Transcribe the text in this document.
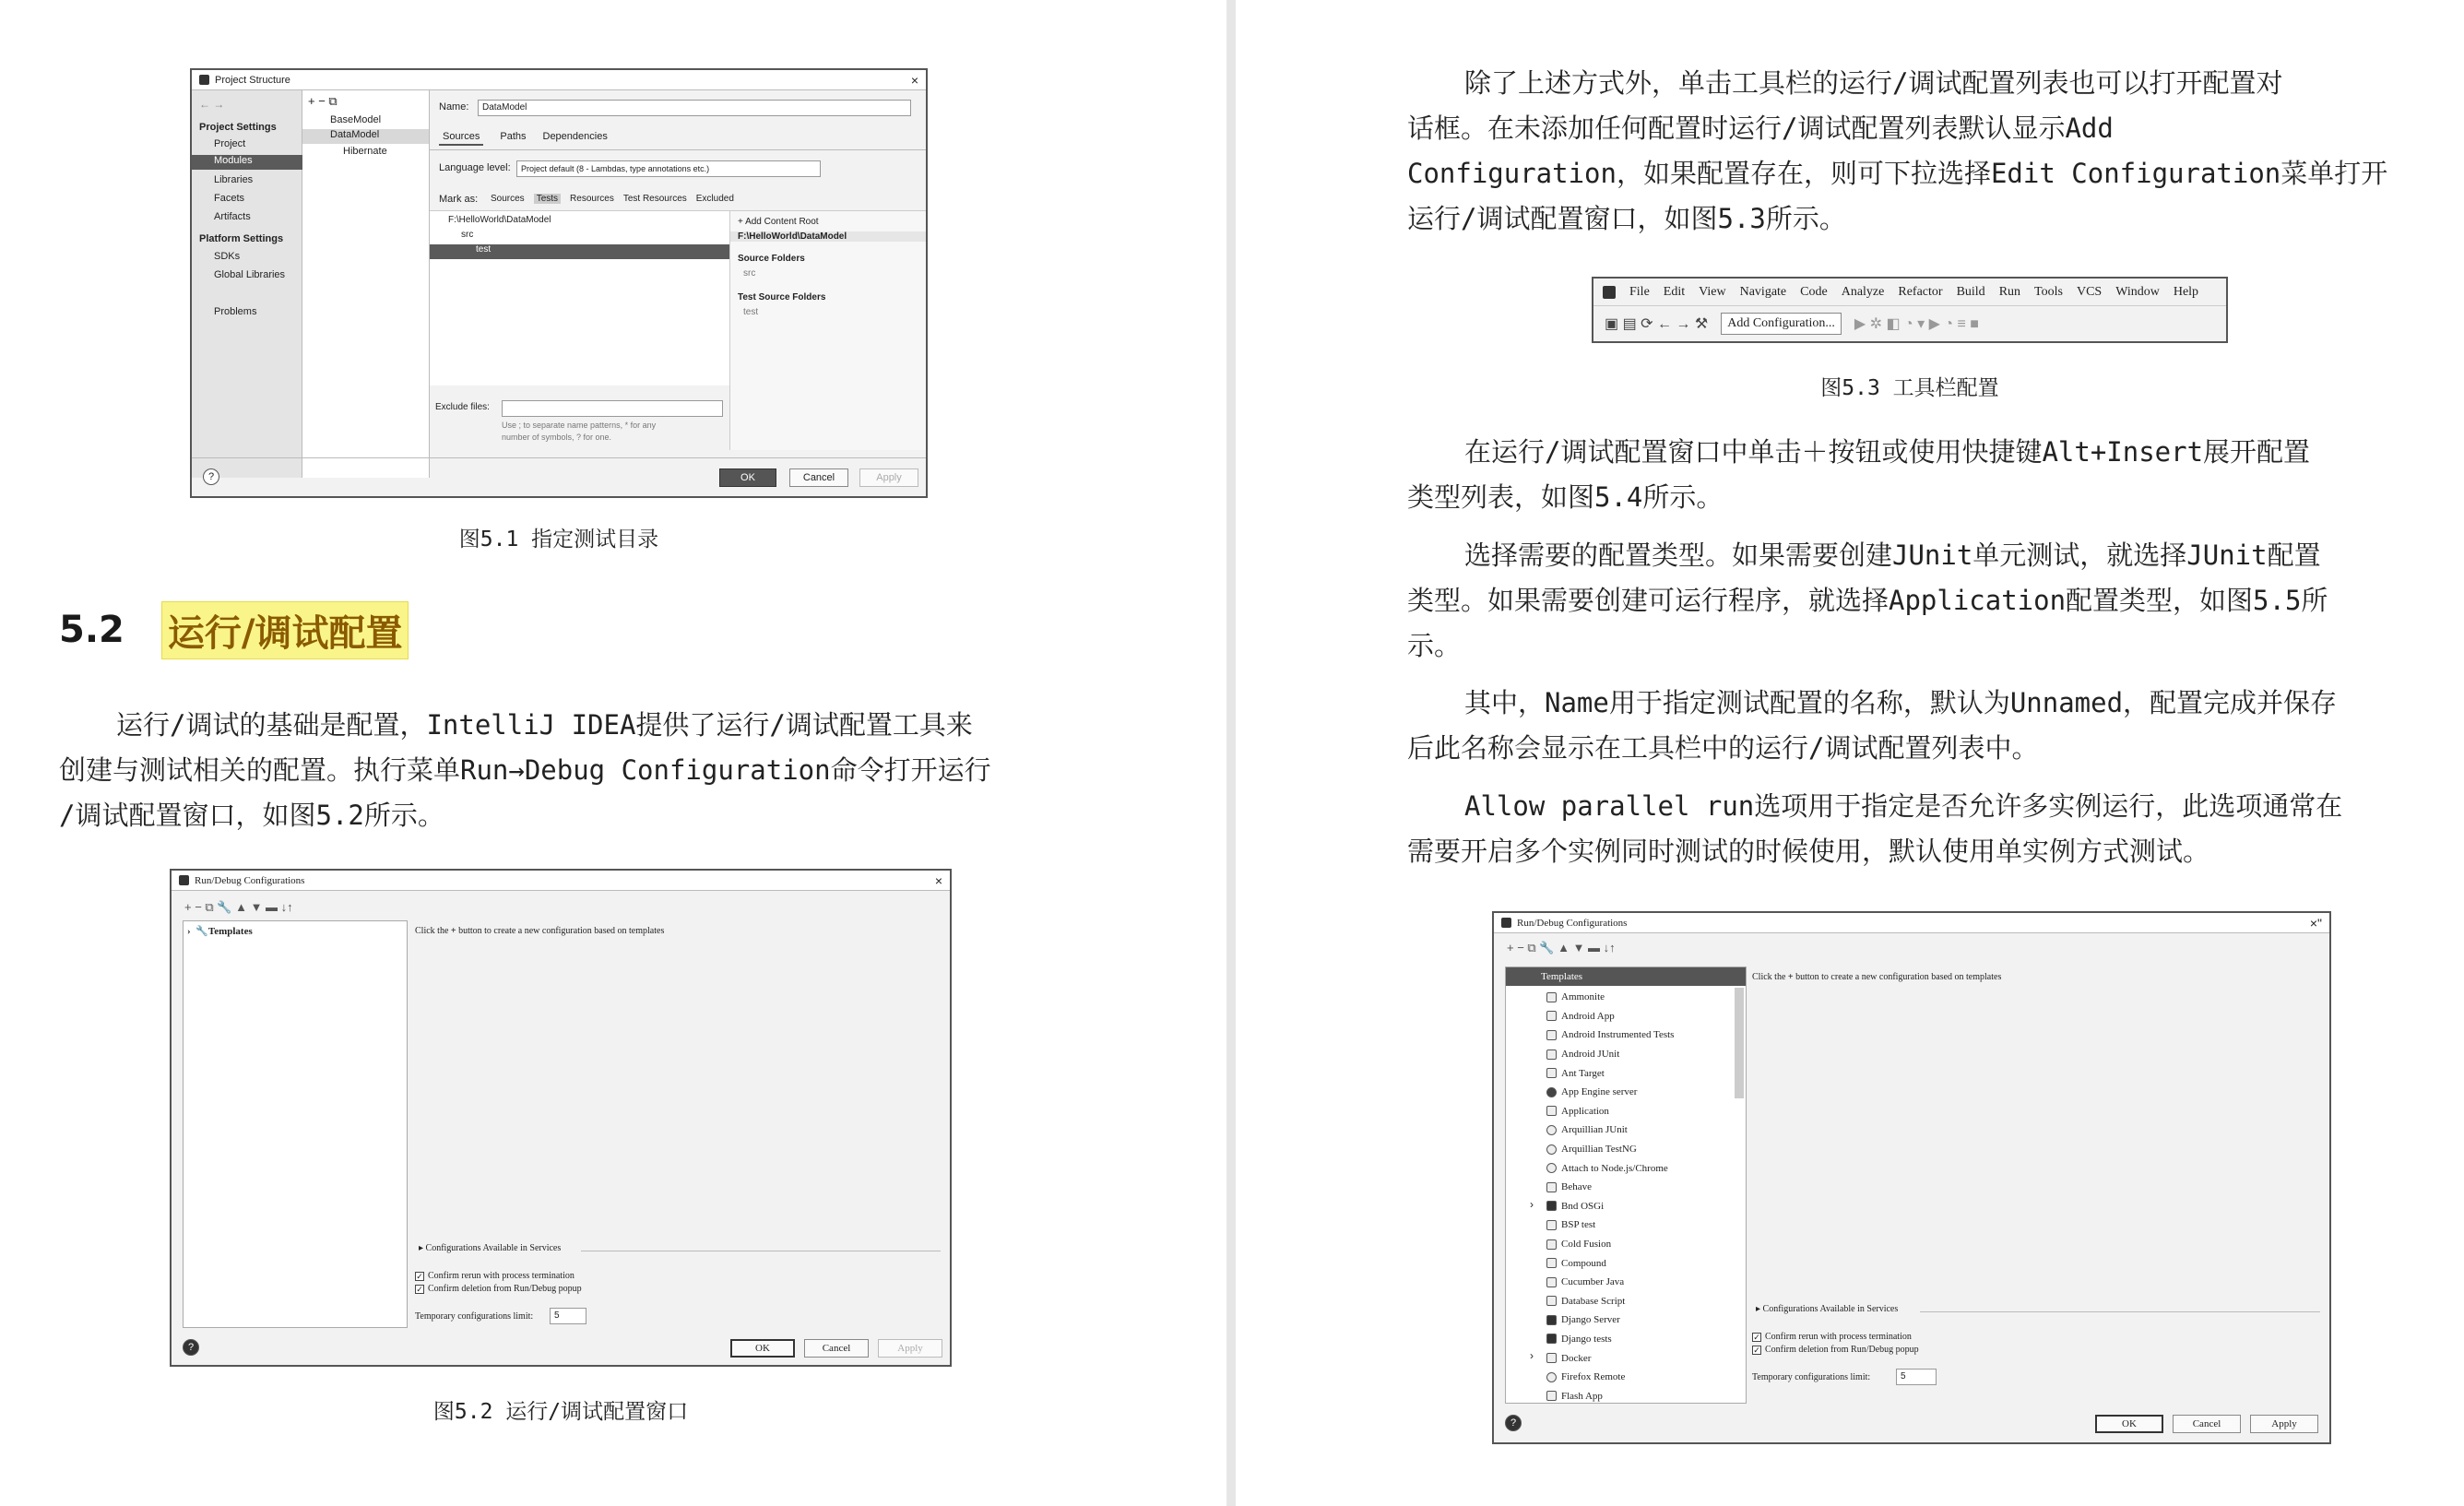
Project Structure	×
← →
Project Settings
Project
Modules
Libraries
Facets
Artifacts
Platform Settings
SDKs
Global Libraries
Problems
+ − ⧉
BaseModel
DataModel
Hibernate
Name:	DataModel
Sources	Paths Dependencies
Language level:	Project default (8 - Lambdas, type annotations etc.)
Mark as: Sources	Tests	Resources Test Resources Excluded
F:\HelloWorld\DataModel
src
test
+ Add Content Root
F:\HelloWorld\DataModel
Source Folders
src
Test Source Folders
test
Exclude files:
Use ; to separate name patterns, * for any
number of symbols, ? for one.
?	OK	Cancel	Apply
图5.1 指定测试目录
5.2 运行/调试配置
运行/调试的基础是配置，IntelliJ IDEA提供了运行/调试配置工具来
创建与测试相关的配置。执行菜单Run→Debug Configuration命令打开运行
/调试配置窗口，如图5.2所示。
Run/Debug Configurations	×
+ − ⧉ 🔧 ▲ ▼ ▬ ↓↑
›  🔧Templates	Click the + button to create a new configuration based on templates
▸ Configurations Available in Services
✓ Confirm rerun with process termination
✓ Confirm deletion from Run/Debug popup
Temporary configurations limit:	5
?	OK	Cancel	Apply
图5.2 运行/调试配置窗口
除了上述方式外，单击工具栏的运行/调试配置列表也可以打开配置对
话框。在未添加任何配置时运行/调试配置列表默认显示Add
Configuration，如果配置存在，则可下拉选择Edit Configuration菜单打开
运行/调试配置窗口，如图5.3所示。
File Edit View Navigate Code Analyze Refactor Build Run Tools VCS Window Help
▣ ▤ ⟳ ← → ⚒	Add Configuration...	▶ ✲ ◧ ◔ ▾ ▶ ◔ ≡ ■
图5.3 工具栏配置
在运行/调试配置窗口中单击＋按钮或使用快捷键Alt+Insert展开配置
类型列表，如图5.4所示。
选择需要的配置类型。如果需要创建JUnit单元测试，就选择JUnit配置
类型。如果需要创建可运行程序，就选择Application配置类型，如图5.5所
示。
其中，Name用于指定测试配置的名称，默认为Unnamed，配置完成并保存
后此名称会显示在工具栏中的运行/调试配置列表中。
Allow parallel run选项用于指定是否允许多实例运行，此选项通常在
需要开启多个实例同时测试的时候使用，默认使用单实例方式测试。
Run/Debug Configurations	×"
+ − ⧉ 🔧 ▲ ▼ ▬ ↓↑
Templates
Ammonite
Android App
Android Instrumented Tests
Android JUnit
Ant Target
App Engine server
Application
Arquillian JUnit
Arquillian TestNG
Attach to Node.js/Chrome
Behave
Bnd OSGi
BSP test
Cold Fusion
Compound
Cucumber Java
Database Script
Django Server
Django tests
Docker
Firefox Remote
Flash App
›
›
Click the + button to create a new configuration based on templates
▸ Configurations Available in Services
✓ Confirm rerun with process termination
✓ Confirm deletion from Run/Debug popup
Temporary configurations limit:	5
?	OK	Cancel	Apply
